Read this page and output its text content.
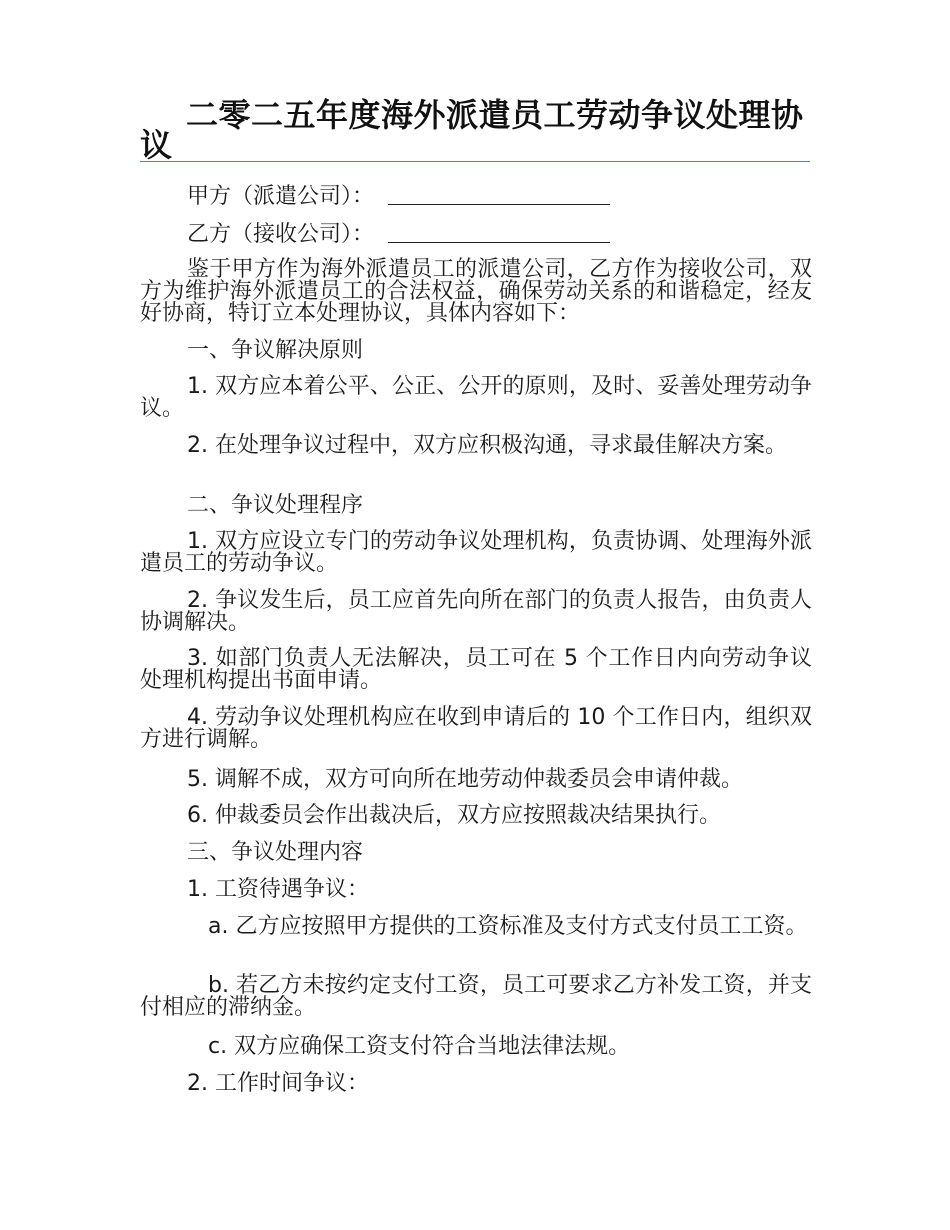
二零二五年度海外派遣员工劳动争议处理协议
甲方（派遣公司）：
乙方（接收公司）：
鉴于甲方作为海外派遣员工的派遣公司，乙方作为接收公司，双方为维护海外派遣员工的合法权益，确保劳动关系的和谐稳定，经友好协商，特订立本处理协议，具体内容如下：
一、争议解决原则
1. 双方应本着公平、公正、公开的原则，及时、妥善处理劳动争议。
2. 在处理争议过程中，双方应积极沟通，寻求最佳解决方案。
二、争议处理程序
1. 双方应设立专门的劳动争议处理机构，负责协调、处理海外派遣员工的劳动争议。
2. 争议发生后，员工应首先向所在部门的负责人报告，由负责人协调解决。
3. 如部门负责人无法解决，员工可在 5 个工作日内向劳动争议处理机构提出书面申请。
4. 劳动争议处理机构应在收到申请后的 10 个工作日内，组织双方进行调解。
5. 调解不成，双方可向所在地劳动仲裁委员会申请仲裁。
6. 仲裁委员会作出裁决后，双方应按照裁决结果执行。
三、争议处理内容
1. 工资待遇争议：
a. 乙方应按照甲方提供的工资标准及支付方式支付员工工资。
b. 若乙方未按约定支付工资，员工可要求乙方补发工资，并支付相应的滞纳金。
c. 双方应确保工资支付符合当地法律法规。
2. 工作时间争议：
